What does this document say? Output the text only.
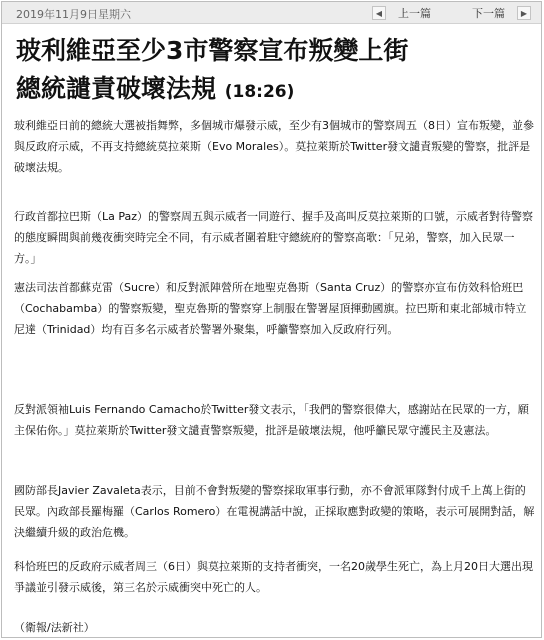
2019年11月9日星期六	◀	上一篇	下一篇	▶
玻利維亞至少3市警察宣布叛變上街
總統譴責破壞法規 (18:26)

玻利維亞日前的總統大選被指舞弊，多個城市爆發示威，至少有3個城市的警察周五（8日）宣布叛變，並參與反政府示威，不再支持總統莫拉萊斯（Evo Morales）。莫拉萊斯於Twitter發文譴責叛變的警察，批評是破壞法規。

行政首都拉巴斯（La Paz）的警察周五與示威者一同遊行、握手及高叫反莫拉萊斯的口號，示威者對待警察的態度瞬間與前幾夜衝突時完全不同，有示威者圍着駐守總統府的警察高歌：「兄弟，警察，加入民眾一方。」

憲法司法首都蘇克雷（Sucre）和反對派陣營所在地聖克魯斯（Santa Cruz）的警察亦宣布仿效科恰班巴（Cochabamba）的警察叛變，聖克魯斯的警察穿上制服在警署屋頂揮動國旗。拉巴斯和東北部城市特立尼達（Trinidad）均有百多名示威者於警署外聚集，呼籲警察加入反政府行列。

反對派領袖Luis Fernando Camacho於Twitter發文表示，「我們的警察很偉大，感謝站在民眾的一方，願主保佑你。」莫拉萊斯於Twitter發文譴責警察叛變，批評是破壞法規，他呼籲民眾守護民主及憲法。

國防部長Javier Zavaleta表示，目前不會對叛變的警察採取軍事行動，亦不會派軍隊對付成千上萬上街的民眾。內政部長羅梅羅（Carlos Romero）在電視講話中說，正採取應對政變的策略，表示可展開對話，解決繼續升級的政治危機。

科恰班巴的反政府示威者周三（6日）與莫拉萊斯的支持者衝突，一名20歲學生死亡，為上月20日大選出現爭議並引發示威後，第三名於示威衝突中死亡的人。

（衛報/法新社）
